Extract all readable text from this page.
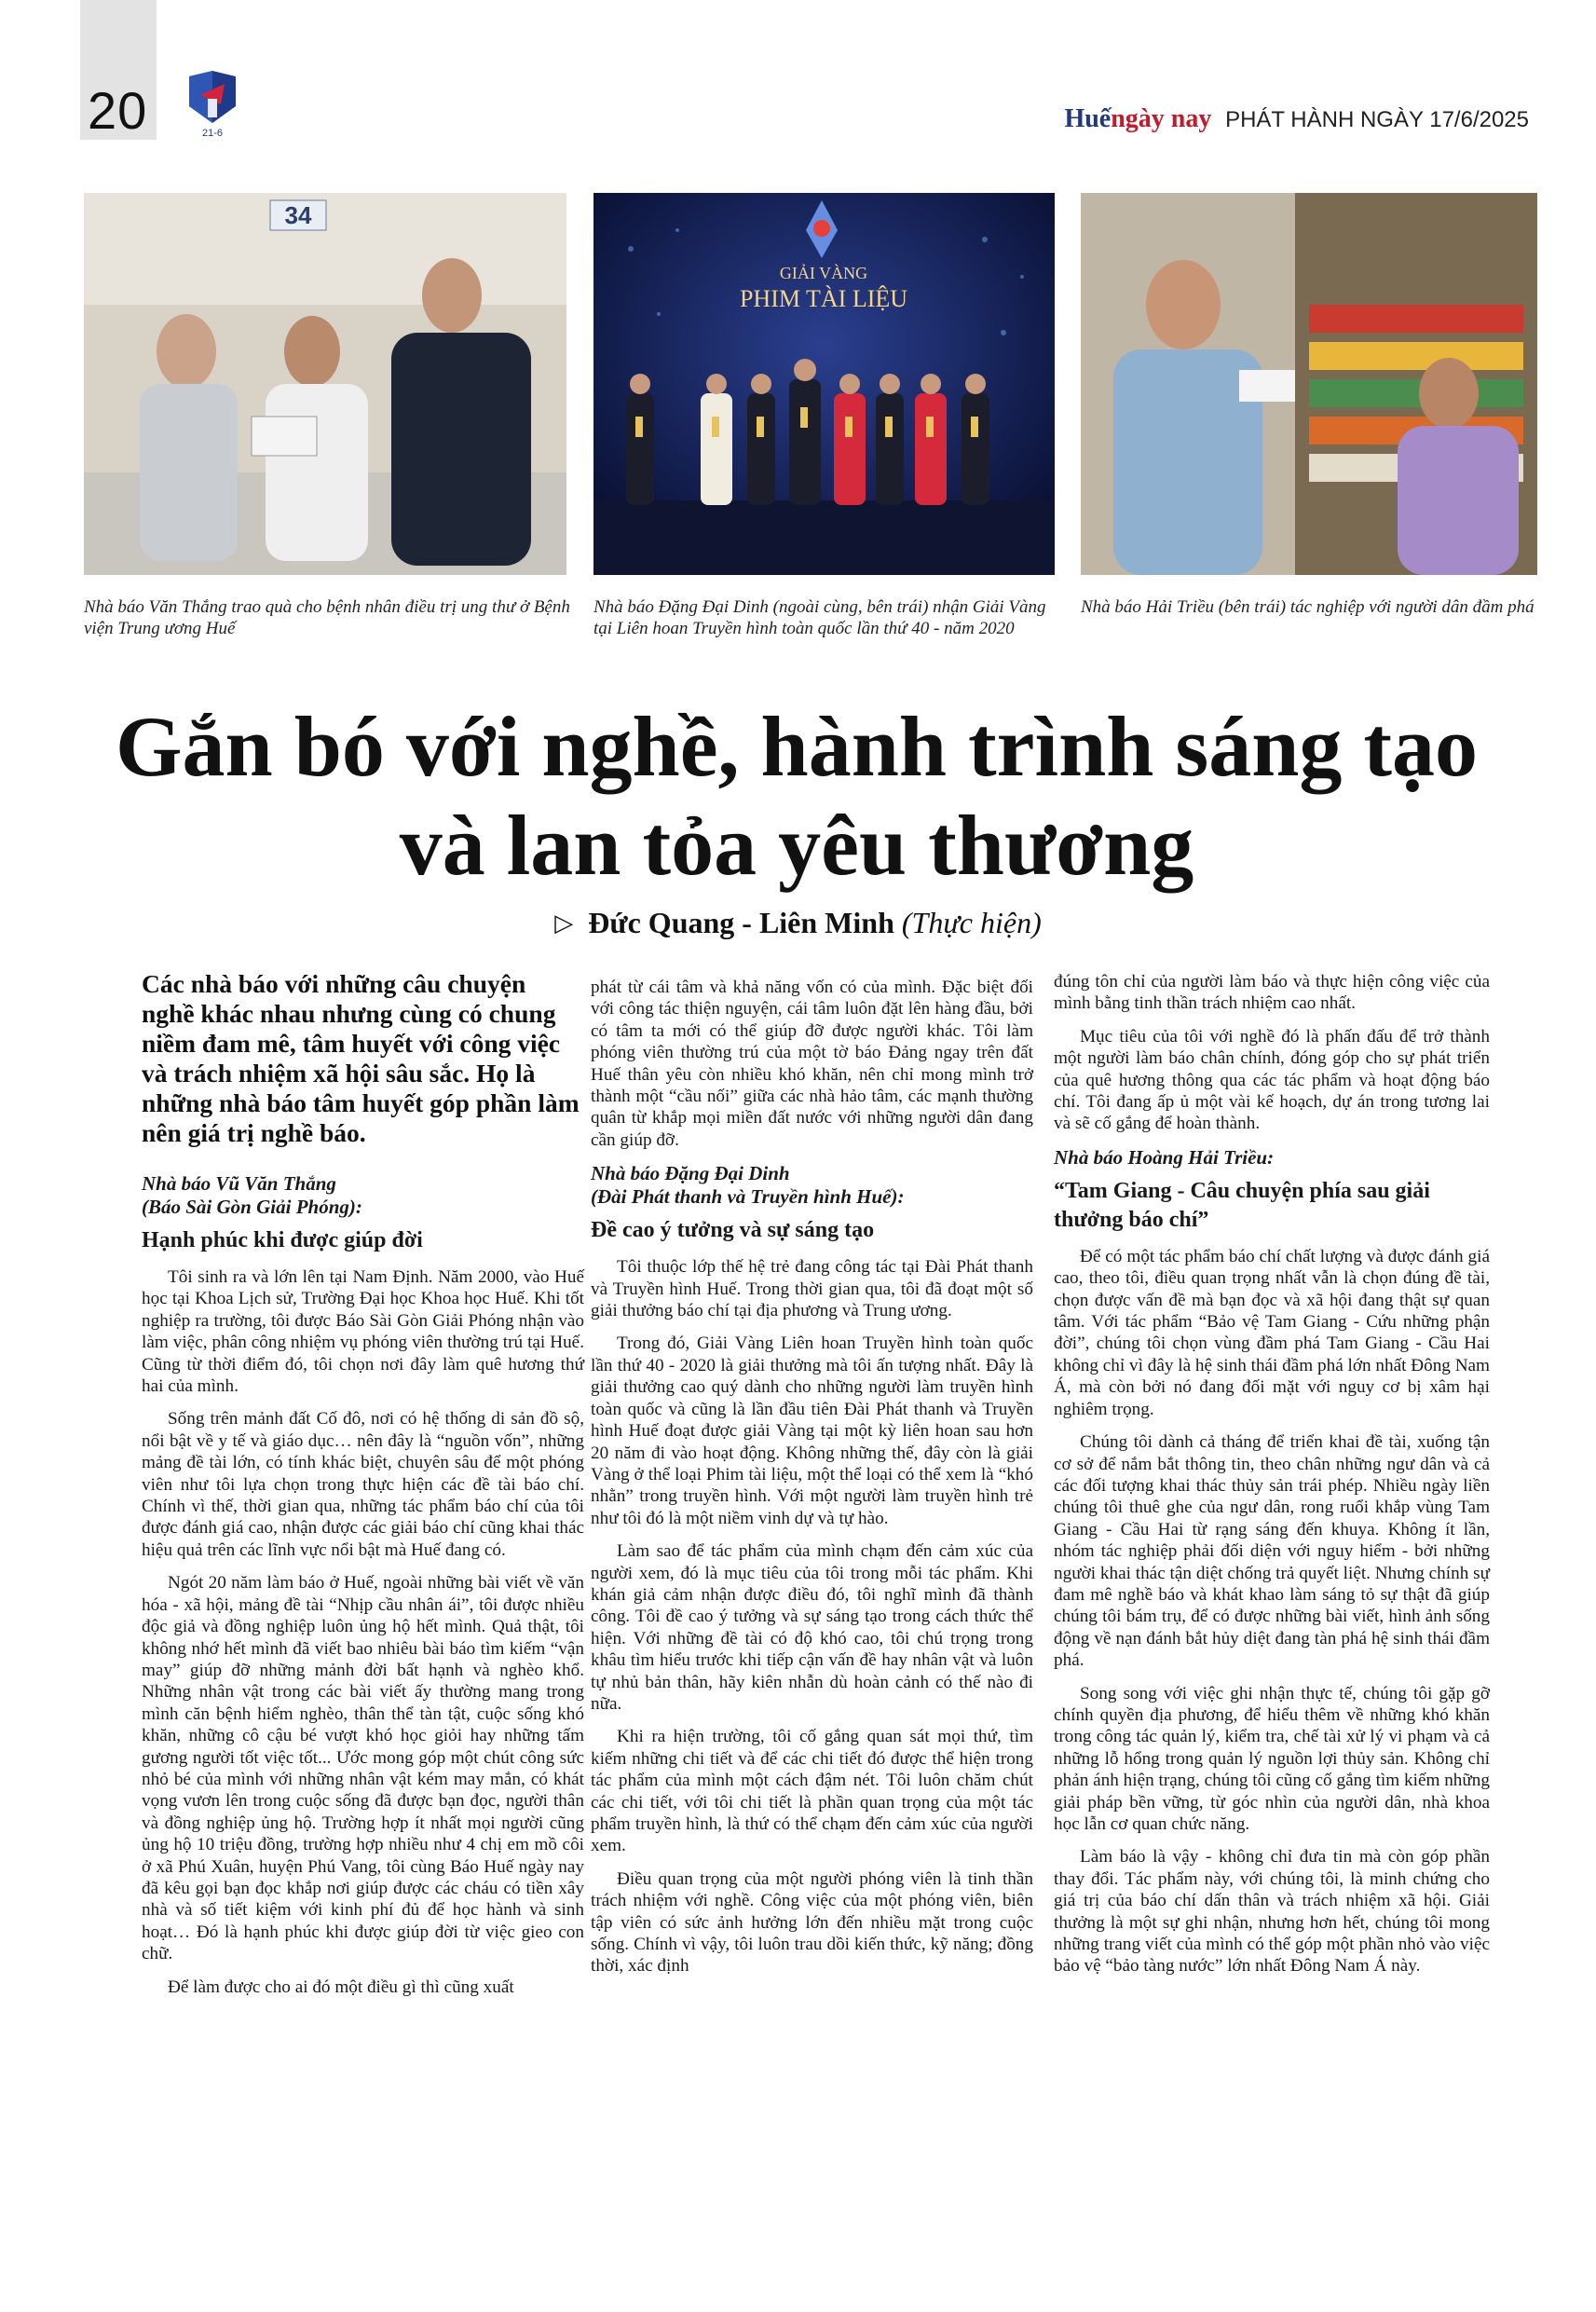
20	21-6	Huếngày nay PHÁT HÀNH NGÀY 17/6/2025
34
Nhà báo Văn Thắng trao quà cho bệnh nhân điều trị ung thư ở Bệnh viện Trung ương Huế
GIẢI VÀNG
PHIM TÀI LIỆU
Nhà báo Đặng Đại Dinh (ngoài cùng, bên trái) nhận Giải Vàng tại Liên hoan Truyền hình toàn quốc lần thứ 40 - năm 2020
Nhà báo Hải Triều (bên trái) tác nghiệp với người dân đầm phá
Gắn bó với nghề, hành trình sáng tạo
và lan tỏa yêu thương
▷ Đức Quang - Liên Minh (Thực hiện)

Các nhà báo với những câu chuyện nghề khác nhau nhưng cùng có chung niềm đam mê, tâm huyết với công việc và trách nhiệm xã hội sâu sắc. Họ là những nhà báo tâm huyết góp phần làm nên giá trị nghề báo.

Nhà báo Vũ Văn Thắng
(Báo Sài Gòn Giải Phóng):

Hạnh phúc khi được giúp đời

Tôi sinh ra và lớn lên tại Nam Định. Năm 2000, vào Huế học tại Khoa Lịch sử, Trường Đại học Khoa học Huế. Khi tốt nghiệp ra trường, tôi được Báo Sài Gòn Giải Phóng nhận vào làm việc, phân công nhiệm vụ phóng viên thường trú tại Huế. Cũng từ thời điểm đó, tôi chọn nơi đây làm quê hương thứ hai của mình.

Sống trên mảnh đất Cố đô, nơi có hệ thống di sản đồ sộ, nổi bật về y tế và giáo dục… nên đây là “nguồn vốn”, những mảng đề tài lớn, có tính khác biệt, chuyên sâu để một phóng viên như tôi lựa chọn trong thực hiện các đề tài báo chí. Chính vì thế, thời gian qua, những tác phẩm báo chí của tôi được đánh giá cao, nhận được các giải báo chí cũng khai thác hiệu quả trên các lĩnh vực nổi bật mà Huế đang có.

Ngót 20 năm làm báo ở Huế, ngoài những bài viết về văn hóa - xã hội, mảng đề tài “Nhịp cầu nhân ái”, tôi được nhiều độc giả và đồng nghiệp luôn ủng hộ hết mình. Quả thật, tôi không nhớ hết mình đã viết bao nhiêu bài báo tìm kiếm “vận may” giúp đỡ những mảnh đời bất hạnh và nghèo khổ. Những nhân vật trong các bài viết ấy thường mang trong mình căn bệnh hiểm nghèo, thân thể tàn tật, cuộc sống khó khăn, những cô cậu bé vượt khó học giỏi hay những tấm gương người tốt việc tốt... Ước mong góp một chút công sức nhỏ bé của mình với những nhân vật kém may mắn, có khát vọng vươn lên trong cuộc sống đã được bạn đọc, người thân và đồng nghiệp ủng hộ. Trường hợp ít nhất mọi người cũng ủng hộ 10 triệu đồng, trường hợp nhiều như 4 chị em mồ côi ở xã Phú Xuân, huyện Phú Vang, tôi cùng Báo Huế ngày nay đã kêu gọi bạn đọc khắp nơi giúp được các cháu có tiền xây nhà và số tiết kiệm với kinh phí đủ để học hành và sinh hoạt… Đó là hạnh phúc khi được giúp đời từ việc gieo con chữ.

Để làm được cho ai đó một điều gì thì cũng xuất

phát từ cái tâm và khả năng vốn có của mình. Đặc biệt đối với công tác thiện nguyện, cái tâm luôn đặt lên hàng đầu, bởi có tâm ta mới có thể giúp đỡ được người khác. Tôi làm phóng viên thường trú của một tờ báo Đảng ngay trên đất Huế thân yêu còn nhiều khó khăn, nên chỉ mong mình trở thành một “cầu nối” giữa các nhà hảo tâm, các mạnh thường quân từ khắp mọi miền đất nước với những người dân đang cần giúp đỡ.

Nhà báo Đặng Đại Dinh
(Đài Phát thanh và Truyền hình Huế):

Đề cao ý tưởng và sự sáng tạo

Tôi thuộc lớp thế hệ trẻ đang công tác tại Đài Phát thanh và Truyền hình Huế. Trong thời gian qua, tôi đã đoạt một số giải thưởng báo chí tại địa phương và Trung ương.

Trong đó, Giải Vàng Liên hoan Truyền hình toàn quốc lần thứ 40 - 2020 là giải thưởng mà tôi ấn tượng nhất. Đây là giải thưởng cao quý dành cho những người làm truyền hình toàn quốc và cũng là lần đầu tiên Đài Phát thanh và Truyền hình Huế đoạt được giải Vàng tại một kỳ liên hoan sau hơn 20 năm đi vào hoạt động. Không những thế, đây còn là giải Vàng ở thể loại Phim tài liệu, một thể loại có thể xem là “khó nhằn” trong truyền hình. Với một người làm truyền hình trẻ như tôi đó là một niềm vinh dự và tự hào.

Làm sao để tác phẩm của mình chạm đến cảm xúc của người xem, đó là mục tiêu của tôi trong mỗi tác phẩm. Khi khán giả cảm nhận được điều đó, tôi nghĩ mình đã thành công. Tôi đề cao ý tưởng và sự sáng tạo trong cách thức thể hiện. Với những đề tài có độ khó cao, tôi chú trọng trong khâu tìm hiểu trước khi tiếp cận vấn đề hay nhân vật và luôn tự nhủ bản thân, hãy kiên nhẫn dù hoàn cảnh có thế nào đi nữa.

Khi ra hiện trường, tôi cố gắng quan sát mọi thứ, tìm kiếm những chi tiết và để các chi tiết đó được thể hiện trong tác phẩm của mình một cách đậm nét. Tôi luôn chăm chút các chi tiết, với tôi chi tiết là phần quan trọng của một tác phẩm truyền hình, là thứ có thể chạm đến cảm xúc của người xem.

Điều quan trọng của một người phóng viên là tinh thần trách nhiệm với nghề. Công việc của một phóng viên, biên tập viên có sức ảnh hưởng lớn đến nhiều mặt trong cuộc sống. Chính vì vậy, tôi luôn trau dồi kiến thức, kỹ năng; đồng thời, xác định

đúng tôn chỉ của người làm báo và thực hiện công việc của mình bằng tinh thần trách nhiệm cao nhất.

Mục tiêu của tôi với nghề đó là phấn đấu để trở thành một người làm báo chân chính, đóng góp cho sự phát triển của quê hương thông qua các tác phẩm và hoạt động báo chí. Tôi đang ấp ủ một vài kế hoạch, dự án trong tương lai và sẽ cố gắng để hoàn thành.

Nhà báo Hoàng Hải Triều:

“Tam Giang - Câu chuyện phía sau giải thưởng báo chí”

Để có một tác phẩm báo chí chất lượng và được đánh giá cao, theo tôi, điều quan trọng nhất vẫn là chọn đúng đề tài, chọn được vấn đề mà bạn đọc và xã hội đang thật sự quan tâm. Với tác phẩm “Bảo vệ Tam Giang - Cứu những phận đời”, chúng tôi chọn vùng đầm phá Tam Giang - Cầu Hai không chỉ vì đây là hệ sinh thái đầm phá lớn nhất Đông Nam Á, mà còn bởi nó đang đối mặt với nguy cơ bị xâm hại nghiêm trọng.

Chúng tôi dành cả tháng để triển khai đề tài, xuống tận cơ sở để nắm bắt thông tin, theo chân những ngư dân và cả các đối tượng khai thác thủy sản trái phép. Nhiều ngày liền chúng tôi thuê ghe của ngư dân, rong ruổi khắp vùng Tam Giang - Cầu Hai từ rạng sáng đến khuya. Không ít lần, nhóm tác nghiệp phải đối diện với nguy hiểm - bởi những người khai thác tận diệt chống trả quyết liệt. Nhưng chính sự đam mê nghề báo và khát khao làm sáng tỏ sự thật đã giúp chúng tôi bám trụ, để có được những bài viết, hình ảnh sống động về nạn đánh bắt hủy diệt đang tàn phá hệ sinh thái đầm phá.

Song song với việc ghi nhận thực tế, chúng tôi gặp gỡ chính quyền địa phương, để hiểu thêm về những khó khăn trong công tác quản lý, kiểm tra, chế tài xử lý vi phạm và cả những lỗ hổng trong quản lý nguồn lợi thủy sản. Không chỉ phản ánh hiện trạng, chúng tôi cũng cố gắng tìm kiếm những giải pháp bền vững, từ góc nhìn của người dân, nhà khoa học lẫn cơ quan chức năng.

Làm báo là vậy - không chỉ đưa tin mà còn góp phần thay đổi. Tác phẩm này, với chúng tôi, là minh chứng cho giá trị của báo chí dấn thân và trách nhiệm xã hội. Giải thưởng là một sự ghi nhận, nhưng hơn hết, chúng tôi mong những trang viết của mình có thể góp một phần nhỏ vào việc bảo vệ “bảo tàng nước” lớn nhất Đông Nam Á này.
